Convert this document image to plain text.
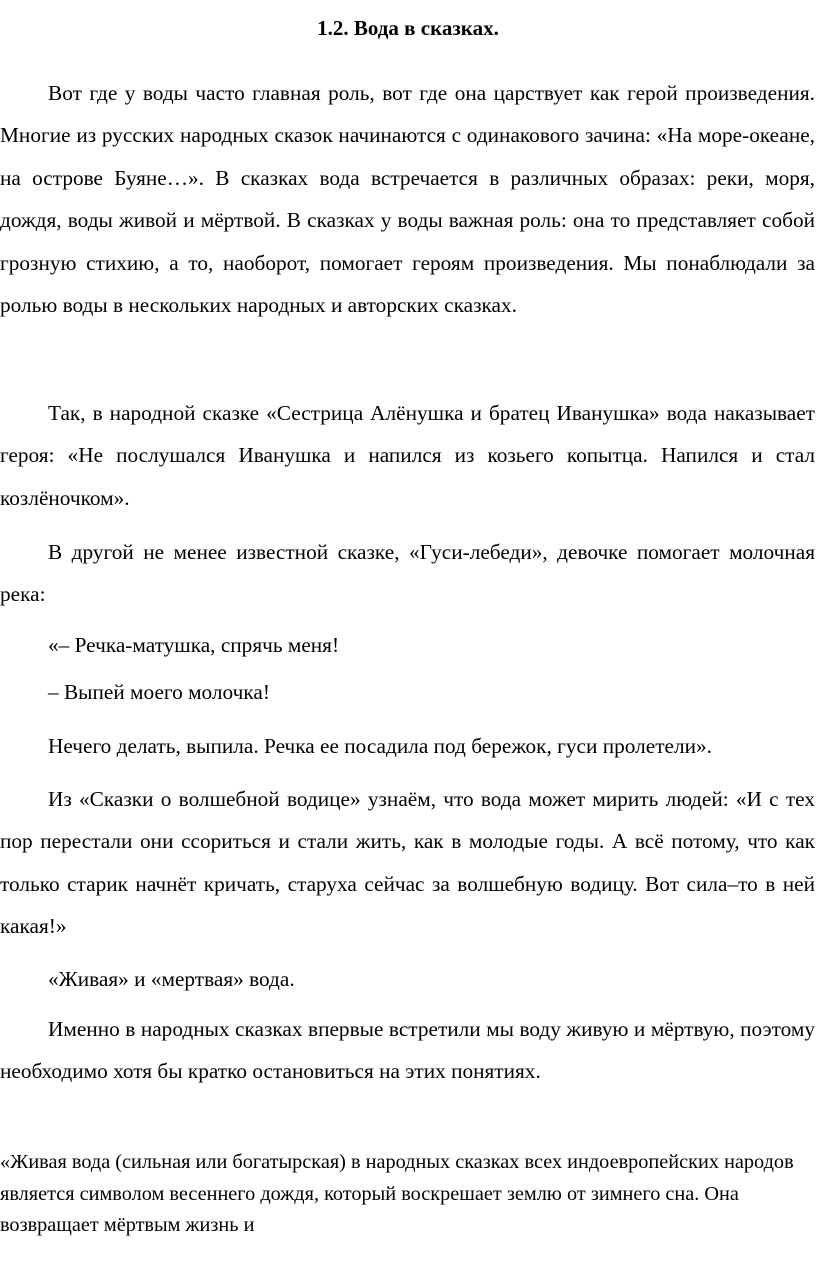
1.2. Вода в сказках.

Вот где у воды часто главная роль, вот где она царствует как герой произведения. Многие из русских народных сказок начинаются с одинакового зачина: «На море-океане, на острове Буяне…». В сказках вода встречается в различных образах: реки, моря, дождя, воды живой и мёртвой. В сказках у воды важная роль: она то представляет собой грозную стихию, а то, наоборот, помогает героям произведения. Мы понаблюдали за ролью воды в нескольких народных и авторских сказках.

Так, в народной сказке «Сестрица Алёнушка и братец Иванушка» вода наказывает героя: «Не послушался Иванушка и напился из козьего копытца. Напился и стал козлёночком».

В другой не менее известной сказке, «Гуси-лебеди», девочке помогает молочная река:

«– Речка-матушка, спрячь меня!

– Выпей моего молочка!

Нечего делать, выпила. Речка ее посадила под бережок, гуси пролетели».

Из «Сказки о волшебной водице» узнаём, что вода может мирить людей: «И с тех пор перестали они ссориться и стали жить, как в молодые годы. А всё потому, что как только старик начнёт кричать, старуха сейчас за волшебную водицу. Вот сила–то в ней какая!»

«Живая» и «мертвая» вода.

Именно в народных сказках впервые встретили мы воду живую и мёртвую, поэтому необходимо хотя бы кратко остановиться на этих понятиях.

«Живая вода (сильная или богатырская) в народных сказках всех индоевропейских народов является символом весеннего дождя, который воскрешает землю от зимнего сна. Она возвращает мёртвым жизнь и
